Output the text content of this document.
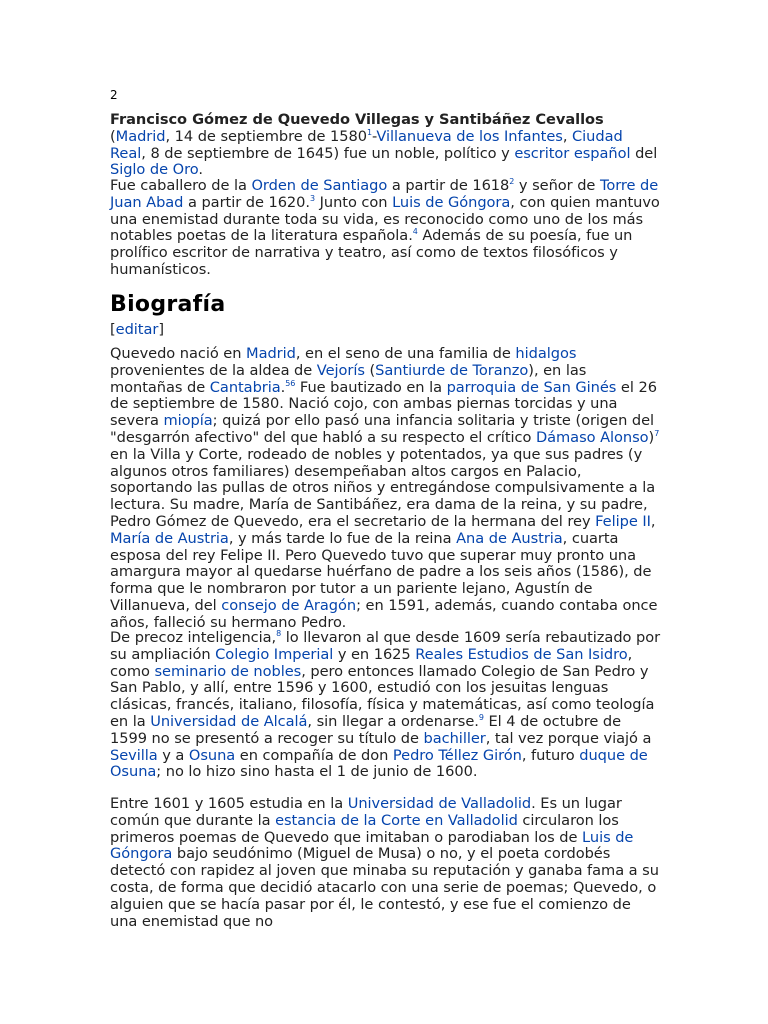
2

Francisco Gómez de Quevedo Villegas y Santibáñez Cevallos (Madrid, 14 de septiembre de 1580$^1$-Villanueva de los Infantes, Ciudad Real, 8 de septiembre de 1645) fue un noble, político y escritor español del Siglo de Oro.

Fue caballero de la Orden de Santiago a partir de 1618$^2$ y señor de Torre de Juan Abad a partir de 1620.$^3$ Junto con Luis de Góngora, con quien mantuvo una enemistad durante toda su vida, es reconocido como uno de los más notables poetas de la literatura española.$^4$ Además de su poesía, fue un prolífico escritor de narrativa y teatro, así como de textos filosóficos y humanísticos.

Biografía
[editar]

Quevedo nació en Madrid, en el seno de una familia de hidalgos provenientes de la aldea de Vejorís (Santiurde de Toranzo), en las montañas de Cantabria.$^{56}$ Fue bautizado en la parroquia de San Ginés el 26 de septiembre de 1580. Nació cojo, con ambas piernas torcidas y una severa miopía; quizá por ello pasó una infancia solitaria y triste (origen del "desgarrón afectivo" del que habló a su respecto el crítico Dámaso Alonso)$^7$ en la Villa y Corte, rodeado de nobles y potentados, ya que sus padres (y algunos otros familiares) desempeñaban altos cargos en Palacio, soportando las pullas de otros niños y entregándose compulsivamente a la lectura. Su madre, María de Santibáñez, era dama de la reina, y su padre, Pedro Gómez de Quevedo, era el secretario de la hermana del rey Felipe II, María de Austria, y más tarde lo fue de la reina Ana de Austria, cuarta esposa del rey Felipe II. Pero Quevedo tuvo que superar muy pronto una amargura mayor al quedarse huérfano de padre a los seis años (1586), de forma que le nombraron por tutor a un pariente lejano, Agustín de Villanueva, del consejo de Aragón; en 1591, además, cuando contaba once años, falleció su hermano Pedro.

De precoz inteligencia,$^8$ lo llevaron al que desde 1609 sería rebautizado por su ampliación Colegio Imperial y en 1625 Reales Estudios de San Isidro, como seminario de nobles, pero entonces llamado Colegio de San Pedro y San Pablo, y allí, entre 1596 y 1600, estudió con los jesuitas lenguas clásicas, francés, italiano, filosofía, física y matemáticas, así como teología en la Universidad de Alcalá, sin llegar a ordenarse.$^9$ El 4 de octubre de 1599 no se presentó a recoger su título de bachiller, tal vez porque viajó a Sevilla y a Osuna en compañía de don Pedro Téllez Girón, futuro duque de Osuna; no lo hizo sino hasta el 1 de junio de 1600.

Entre 1601 y 1605 estudia en la Universidad de Valladolid. Es un lugar común que durante la estancia de la Corte en Valladolid circularon los primeros poemas de Quevedo que imitaban o parodiaban los de Luis de Góngora bajo seudónimo (Miguel de Musa) o no, y el poeta cordobés detectó con rapidez al joven que minaba su reputación y ganaba fama a su costa, de forma que decidió atacarlo con una serie de poemas; Quevedo, o alguien que se hacía pasar por él, le contestó, y ese fue el comienzo de una enemistad que no
